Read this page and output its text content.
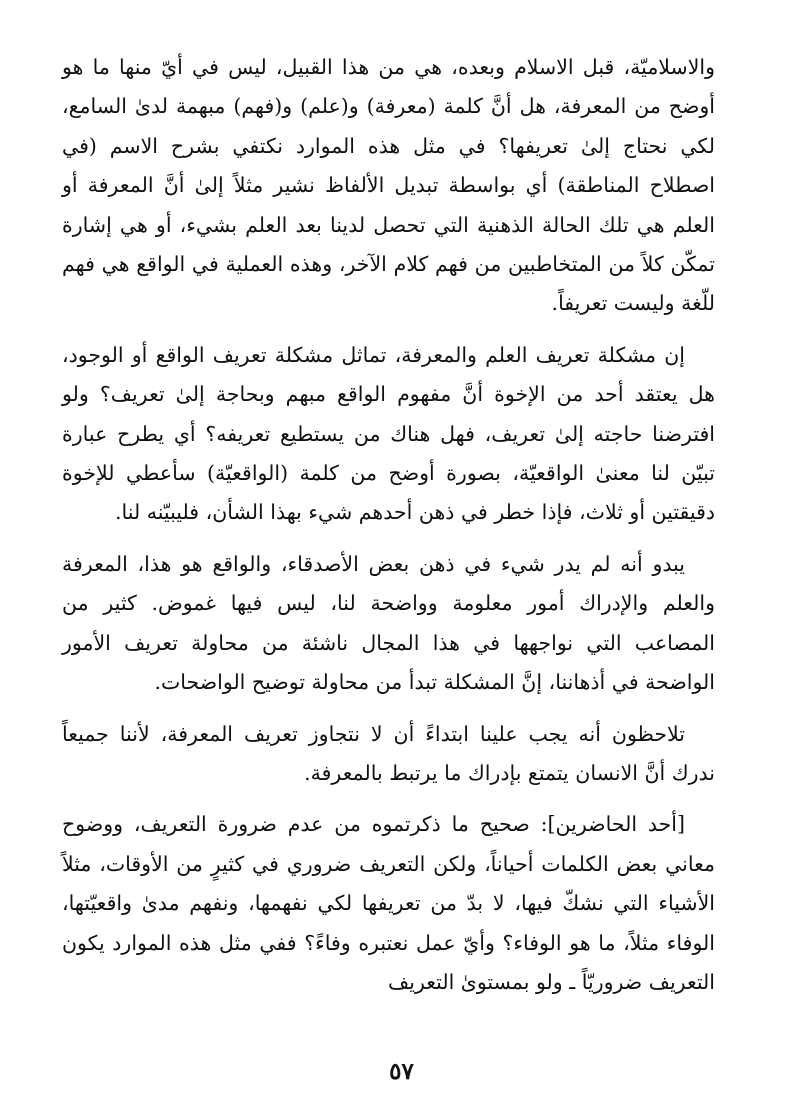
والاسلاميّة، قبل الاسلام وبعده، هي من هذا القبيل، ليس في أيّ منها ما هو أوضح من المعرفة، هل أنَّ كلمة (معرفة) و(علم) و(فهم) مبهمة لدىٰ السامع، لكي نحتاج إلىٰ تعريفها؟ في مثل هذه الموارد نكتفي بشرح الاسم (في اصطلاح المناطقة) أي بواسطة تبديل الألفاظ نشير مثلاً إلىٰ أنَّ المعرفة أو العلم هي تلك الحالة الذهنية التي تحصل لدينا بعد العلم بشيء، أو هي إشارة تمكّن كلاً من المتخاطبين من فهم كلام الآخر، وهذه العملية في الواقع هي فهم للّغة وليست تعريفاً.

إن مشكلة تعريف العلم والمعرفة، تماثل مشكلة تعريف الواقع أو الوجود، هل يعتقد أحد من الإخوة أنَّ مفهوم الواقع مبهم وبحاجة إلىٰ تعريف؟ ولو افترضنا حاجته إلىٰ تعريف، فهل هناك من يستطيع تعريفه؟ أي يطرح عبارة تبيّن لنا معنىٰ الواقعيّة، بصورة أوضح من كلمة (الواقعيّة) سأعطي للإخوة دقيقتين أو ثلاث، فإذا خطر في ذهن أحدهم شيء بهذا الشأن، فليبيّنه لنا.

يبدو أنه لم يدر شيء في ذهن بعض الأصدقاء، والواقع هو هذا، المعرفة والعلم والإدراك أمور معلومة وواضحة لنا، ليس فيها غموض. كثير من المصاعب التي نواجهها في هذا المجال ناشئة من محاولة تعريف الأمور الواضحة في أذهاننا، إنَّ المشكلة تبدأ من محاولة توضيح الواضحات.

تلاحظون أنه يجب علينا ابتداءً أن لا نتجاوز تعريف المعرفة، لأننا جميعاً ندرك أنَّ الانسان يتمتع بإدراك ما يرتبط بالمعرفة.

[أحد الحاضرين]: صحيح ما ذكرتموه من عدم ضرورة التعريف، ووضوح معاني بعض الكلمات أحياناً، ولكن التعريف ضروري في كثيرٍ من الأوقات، مثلاً الأشياء التي نشكّ فيها، لا بدّ من تعريفها لكي نفهمها، ونفهم مدىٰ واقعيّتها، الوفاء مثلاً، ما هو الوفاء؟ وأيّ عمل نعتبره وفاءً؟ ففي مثل هذه الموارد يكون التعريف ضروريّاً ـ ولو بمستوىٰ التعريف

٥٧
